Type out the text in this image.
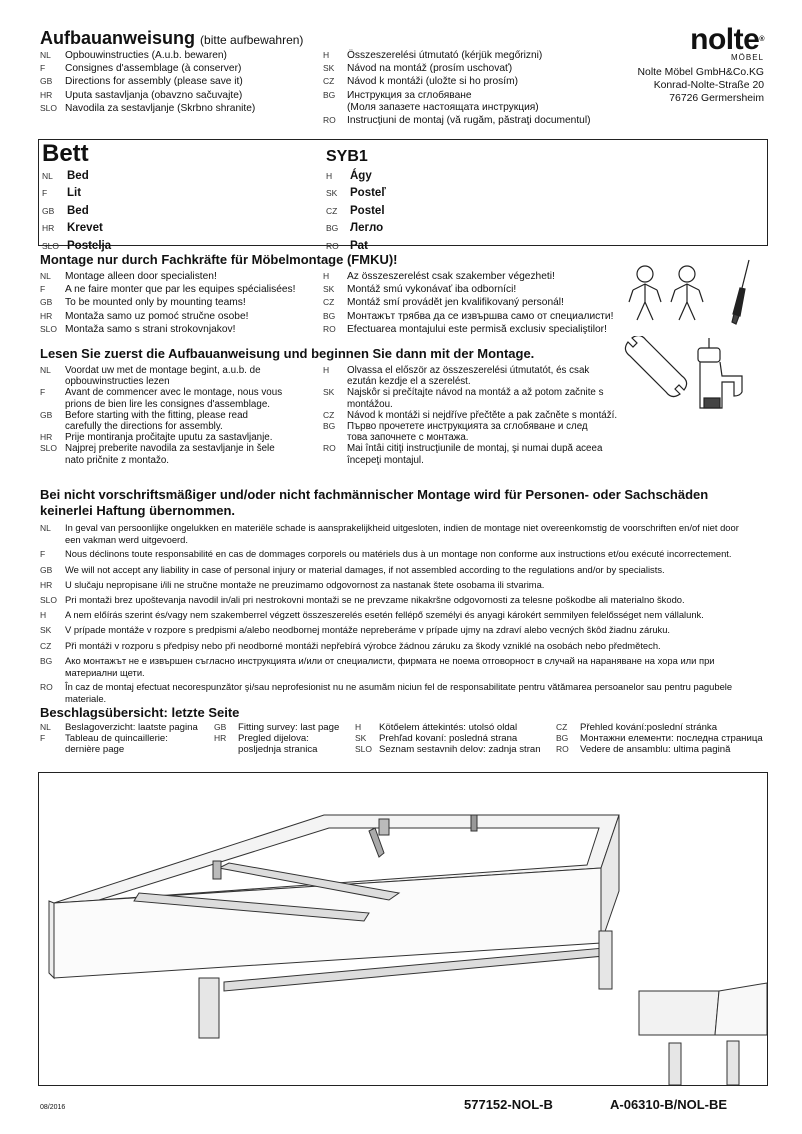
Aufbauanweisung (bitte aufbewahren)
NL Opbouwinstructies (A.u.b. bewaren)
F Consignes d'assemblage (à conserver)
GB Directions for assembly (please save it)
HR Uputa sastavljanja (obavzno sačuvajte)
SLO Navodila za sestavljanje (Skrbno shranite)
H Összeszerelési útmutató (kérjük megőrizni)
SK Návod na montáž (prosím uschovať)
CZ Návod k montáži (uložte si ho prosím)
BG Инструкция за сглобяване
(Моля запазете настоящата инструкция)
RO Instrucţiuni de montaj (vă rugăm, păstraţi documentul)
nolte®
MÖBEL
Nolte Möbel GmbH&Co.KG
Konrad-Nolte-Straße 20
76726 Germersheim
Bett	SYB1
NL Bed
F Lit
GB Bed
HR Krevet
SLO Postelja
H Ágy
SK Posteľ
CZ Postel
BG Легло
RO Pat
Montage nur durch Fachkräfte für Möbelmontage (FMKU)!
NL Montage alleen door specialisten!
F A ne faire monter que par les equipes spécialisées!
GB To be mounted only by mounting teams!
HR Montaža samo uz pomoć stručne osobe!
SLO Montaža samo s strani strokovnjakov!
H Az összeszerelést csak szakember végezheti!
SK Montáž smú vykonávať iba odborníci!
CZ Montáž smí provádět jen kvalifikovaný personál!
BG Монтажът трябва да се извършва само от специалисти!
RO Efectuarea montajului este permisă exclusiv specialiştilor!
Lesen Sie zuerst die Aufbauanweisung und beginnen Sie dann mit der Montage.

NL Voordat uw met de montage begint, a.u.b. de
opbouwinstructies lezen

F Avant de commencer avec le montage, nous vous
prions de bien lire les consignes d'assemblage.

GB Before starting with the fitting, please read
carefully the directions for assembly.

HR Prije montiranja pročitajte uputu za sastavljanje.

SLO Najprej preberite navodila za sestavljanje in šele
nato pričnite z montažo.

H Olvassa el először az összeszerelési útmutatót, és csak
ezután kezdje el a szerelést.

SK Najskôr si prečítajte návod na montáž a až potom začnite s
montážou.

CZ Návod k montáži si nejdříve přečtěte a pak začněte s montáží.

BG Първо прочетете инструкцията за сглобяване и след
това започнете с монтажа.

RO Mai întâi citiţi instrucţiunile de montaj, şi numai după aceea
începeţi montajul.

Bei nicht vorschriftsmäßiger und/oder nicht fachmännischer Montage wird für Personen- oder Sachschäden
keinerlei Haftung übernommen.

NL In geval van persoonlijke ongelukken en materiële schade is aansprakelijkheid uitgesloten, indien de montage niet overeenkomstig de voorschriften en/of niet door
een vakman werd uitgevoerd.

F Nous déclinons toute responsabilité en cas de dommages corporels ou matériels dus à un montage non conforme aux instructions et/ou exécuté incorrectement.

GB We will not accept any liability in case of personal injury or material damages, if not assembled according to the regulations and/or by specialists.

HR U slučaju nepropisane i/ili ne stručne montaže ne preuzimamo odgovornost za nastanak štete osobama ili stvarima.

SLO Pri montaži brez upoštevanja navodil in/ali pri nestrokovni montaži se ne prevzame nikakršne odgovornosti za telesne poškodbe ali materialno škodo.

H A nem előírás szerint és/vagy nem szakemberrel végzett összeszerelés esetén fellépő személyi és anyagi károkért semmilyen felelősséget nem vállalunk.

SK V prípade montáže v rozpore s predpismi a/alebo neodbornej montáže nepreberáme v prípade ujmy na zdraví alebo vecných škôd žiadnu záruku.

CZ Při montáži v rozporu s předpisy nebo při neodborné montáži nepřebírá výrobce žádnou záruku za škody vzniklé na osobách nebo předmětech.

BG Ако монтажът не е извършен съгласно инструкцията и/или от специалисти, фирмата не поема отговорност в случай на нараняване на хора или при
материални щети.

RO În caz de montaj efectuat necorespunzător şi/sau neprofesionist nu ne asumăm niciun fel de responsabilitate pentru vătămarea persoanelor sau pentru pagubele
materiale.

Beschlagsübersicht: letzte Seite
NL Beslagoverzicht: laatste pagina
F Tableau de quincaillerie:
dernière page
GB Fitting survey: last page
HR Pregled dijelova:
posljednja stranica
H Kötőelem áttekintés: utolsó oldal
SK Prehľad kovaní: posledná strana
SLO Seznam sestavnih delov: zadnja stran
CZ Přehled kování:poslední stránka
BG Монтажни елементи: последна страница
RO Vedere de ansamblu: ultima pagină
08/2016	577152-NOL-B	A-06310-B/NOL-BE
